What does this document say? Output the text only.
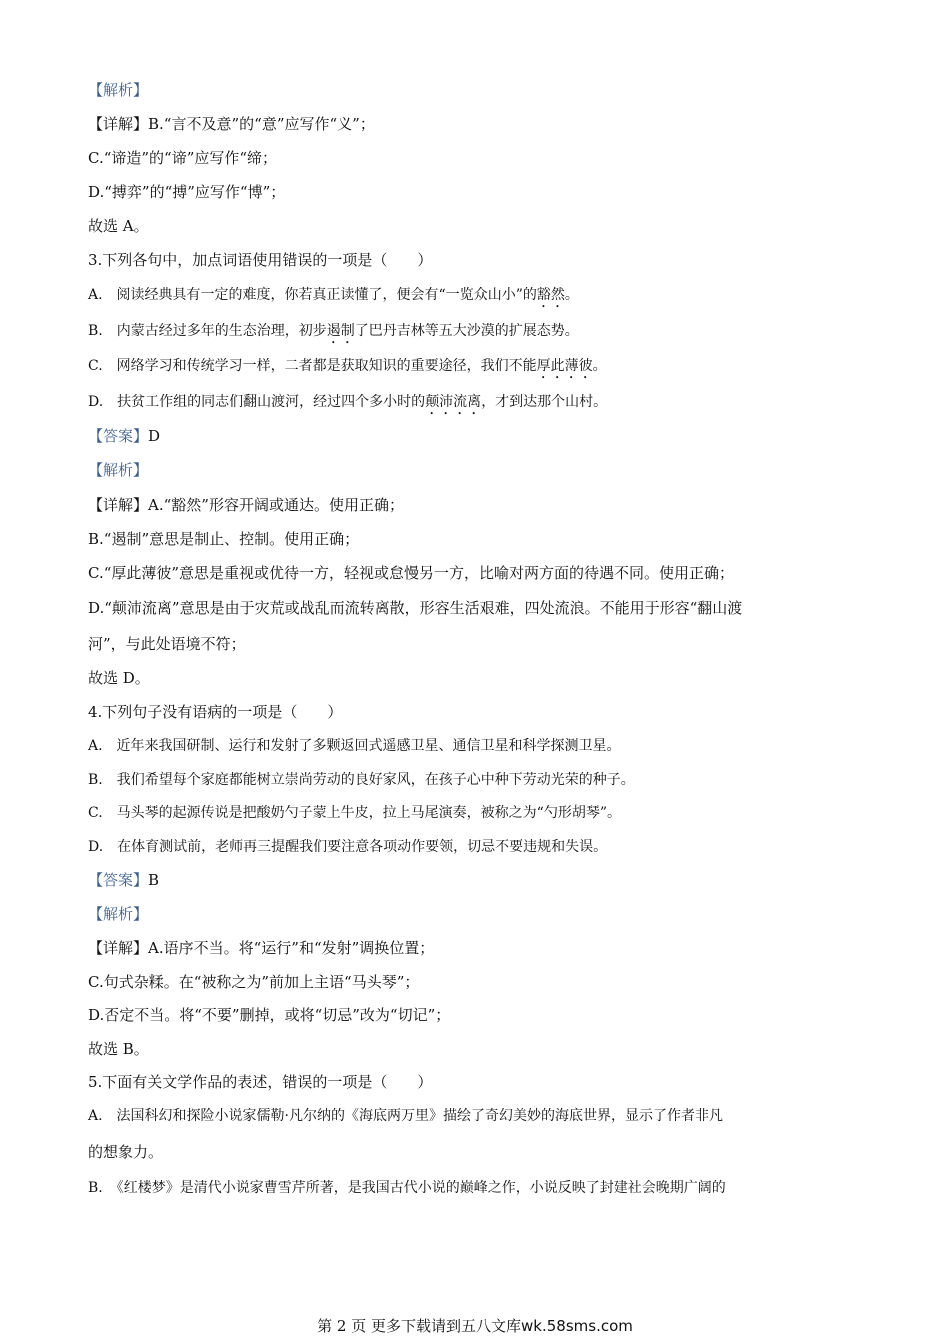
【解析】
【详解】B.“言不及意”的“意”应写作“义”；
C.“谛造”的“谛”应写作“缔；
D.“搏弈”的“搏”应写作“博”；
故选 A。
3.下列各句中，加点词语使用错误的一项是（　　）
A.　阅读经典具有一定的难度，你若真正读懂了，便会有“一览众山小”的豁然。
B.　内蒙古经过多年的生态治理，初步遏制了巴丹吉林等五大沙漠的扩展态势。
C.　网络学习和传统学习一样，二者都是获取知识的重要途径，我们不能厚此薄彼。
D.　扶贫工作组的同志们翻山渡河，经过四个多小时的颠沛流离，才到达那个山村。
【答案】D
【解析】
【详解】A.“豁然”形容开阔或通达。使用正确；
B.“遏制”意思是制止、控制。使用正确；
C.“厚此薄彼”意思是重视或优待一方，轻视或怠慢另一方，比喻对两方面的待遇不同。使用正确；
D.“颠沛流离”意思是由于灾荒或战乱而流转离散，形容生活艰难，四处流浪。不能用于形容“翻山渡
河”，与此处语境不符；
故选 D。
4.下列句子没有语病的一项是（　　）
A.　近年来我国研制、运行和发射了多颗返回式遥感卫星、通信卫星和科学探测卫星。
B.　我们希望每个家庭都能树立崇尚劳动的良好家风，在孩子心中种下劳动光荣的种子。
C.　马头琴的起源传说是把酸奶勺子蒙上牛皮，拉上马尾演奏，被称之为“勺形胡琴”。
D.　在体育测试前，老师再三提醒我们要注意各项动作要领，切忌不要违规和失误。
【答案】B
【解析】
【详解】A.语序不当。将“运行”和“发射”调换位置；
C.句式杂糅。在“被称之为”前加上主语“马头琴”；
D.否定不当。将“不要”删掉，或将“切忌”改为“切记”；
故选 B。
5.下面有关文学作品的表述，错误的一项是（　　）
A.　法国科幻和探险小说家儒勒·凡尔纳的《海底两万里》描绘了奇幻美妙的海底世界，显示了作者非凡
的想象力。
B.　《红楼梦》是清代小说家曹雪芹所著，是我国古代小说的巅峰之作，小说反映了封建社会晚期广阔的
第 2 页 更多下载请到五八文库wk.58sms.com
